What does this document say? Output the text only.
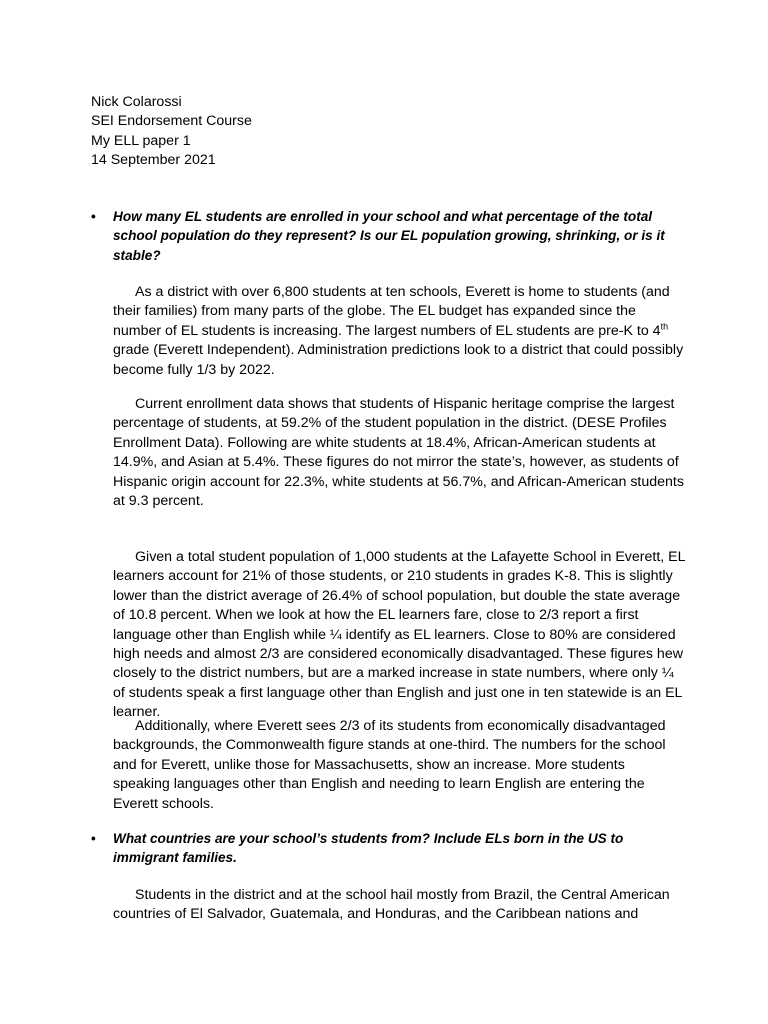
Nick Colarossi
SEI Endorsement Course
My ELL paper 1
14 September 2021
• How many EL students are enrolled in your school and what percentage of the total school population do they represent? Is our EL population growing, shrinking, or is it stable?

As a district with over 6,800 students at ten schools, Everett is home to students (and their families) from many parts of the globe. The EL budget has expanded since the number of EL students is increasing. The largest numbers of EL students are pre-K to 4th grade (Everett Independent). Administration predictions look to a district that could possibly become fully 1/3 by 2022.

Current enrollment data shows that students of Hispanic heritage comprise the largest percentage of students, at 59.2% of the student population in the district. (DESE Profiles Enrollment Data). Following are white students at 18.4%, African-American students at 14.9%, and Asian at 5.4%. These figures do not mirror the state’s, however, as students of Hispanic origin account for 22.3%, white students at 56.7%, and African-American students at 9.3 percent.

Given a total student population of 1,000 students at the Lafayette School in Everett, EL learners account for 21% of those students, or 210 students in grades K-8. This is slightly lower than the district average of 26.4% of school population, but double the state average of 10.8 percent. When we look at how the EL learners fare, close to 2/3 report a first language other than English while ¼ identify as EL learners. Close to 80% are considered high needs and almost 2/3 are considered economically disadvantaged. These figures hew closely to the district numbers, but are a marked increase in state numbers, where only ¼ of students speak a first language other than English and just one in ten statewide is an EL learner.

Additionally, where Everett sees 2/3 of its students from economically disadvantaged backgrounds, the Commonwealth figure stands at one-third. The numbers for the school and for Everett, unlike those for Massachusetts, show an increase. More students speaking languages other than English and needing to learn English are entering the Everett schools.

• What countries are your school’s students from? Include ELs born in the US to immigrant families.

Students in the district and at the school hail mostly from Brazil, the Central American countries of El Salvador, Guatemala, and Honduras, and the Caribbean nations and
